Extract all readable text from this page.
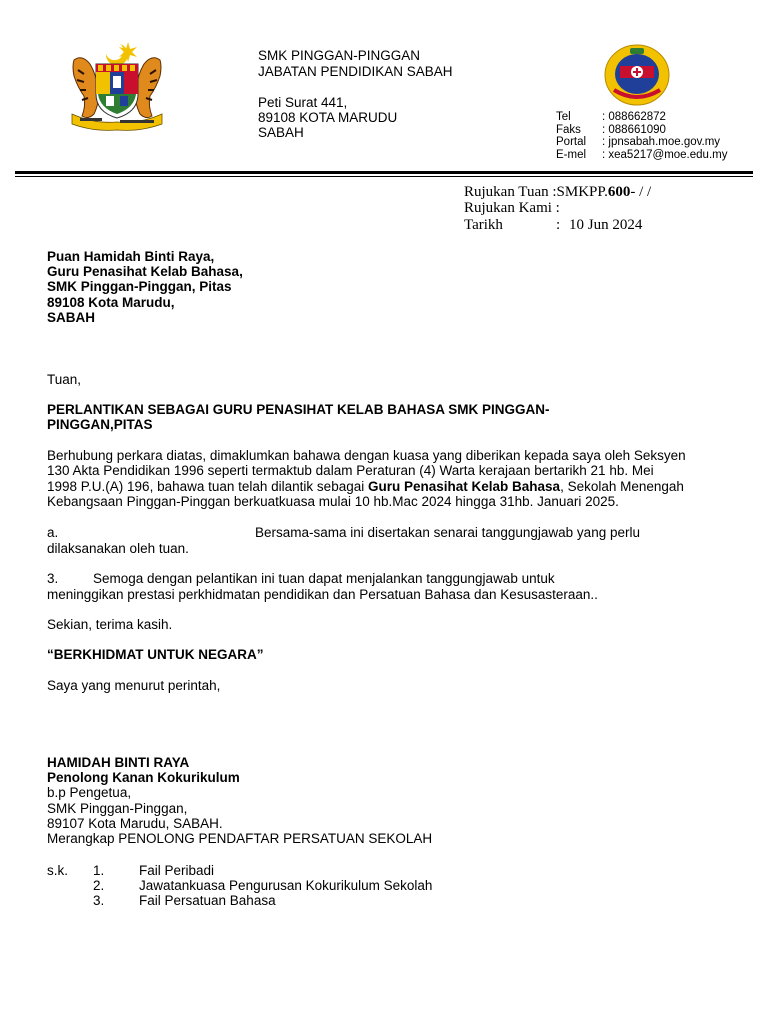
SMK PINGGAN-PINGGAN
JABATAN PENDIDIKAN SABAH
Peti Surat 441,
89108 KOTA MARUDU
SABAH
Tel	: 088662872
Faks	: 088661090
Portal	: jpnsabah.moe.gov.my
E-mel	: xea5217@moe.edu.my
Rujukan Tuan :SMKPP.600- / /
Rujukan Kami :
Tarikh	: 10 Jun 2024
Puan Hamidah Binti Raya,
Guru Penasihat Kelab Bahasa,
SMK Pinggan-Pinggan, Pitas
89108 Kota Marudu,
SABAH
Tuan,
PERLANTIKAN SEBAGAI GURU PENASIHAT KELAB BAHASA SMK PINGGAN-
PINGGAN,PITAS
Berhubung perkara diatas, dimaklumkan bahawa dengan kuasa yang diberikan kepada saya oleh Seksyen
130 Akta Pendidikan 1996 seperti termaktub dalam Peraturan (4) Warta kerajaan bertarikh 21 hb. Mei
1998 P.U.(A) 196, bahawa tuan telah dilantik sebagai Guru Penasihat Kelab Bahasa, Sekolah Menengah
Kebangsaan Pinggan-Pinggan berkuatkuasa mulai 10 hb.Mac 2024 hingga 31hb. Januari 2025.
a.	Bersama-sama ini disertakan senarai tanggungjawab yang perlu
dilaksanakan oleh tuan.
3.	Semoga dengan pelantikan ini tuan dapat menjalankan tanggungjawab untuk
meninggikan prestasi perkhidmatan pendidikan dan Persatuan Bahasa dan Kesusasteraan..
Sekian, terima kasih.
“BERKHIDMAT UNTUK NEGARA”
Saya yang menurut perintah,
HAMIDAH BINTI RAYA
Penolong Kanan Kokurikulum
b.p Pengetua,
SMK Pinggan-Pinggan,
89107 Kota Marudu, SABAH.
Merangkap PENOLONG PENDAFTAR PERSATUAN SEKOLAH
s.k. 1.	Fail Peribadi
2.	Jawatankuasa Pengurusan Kokurikulum Sekolah
3.	Fail Persatuan Bahasa
